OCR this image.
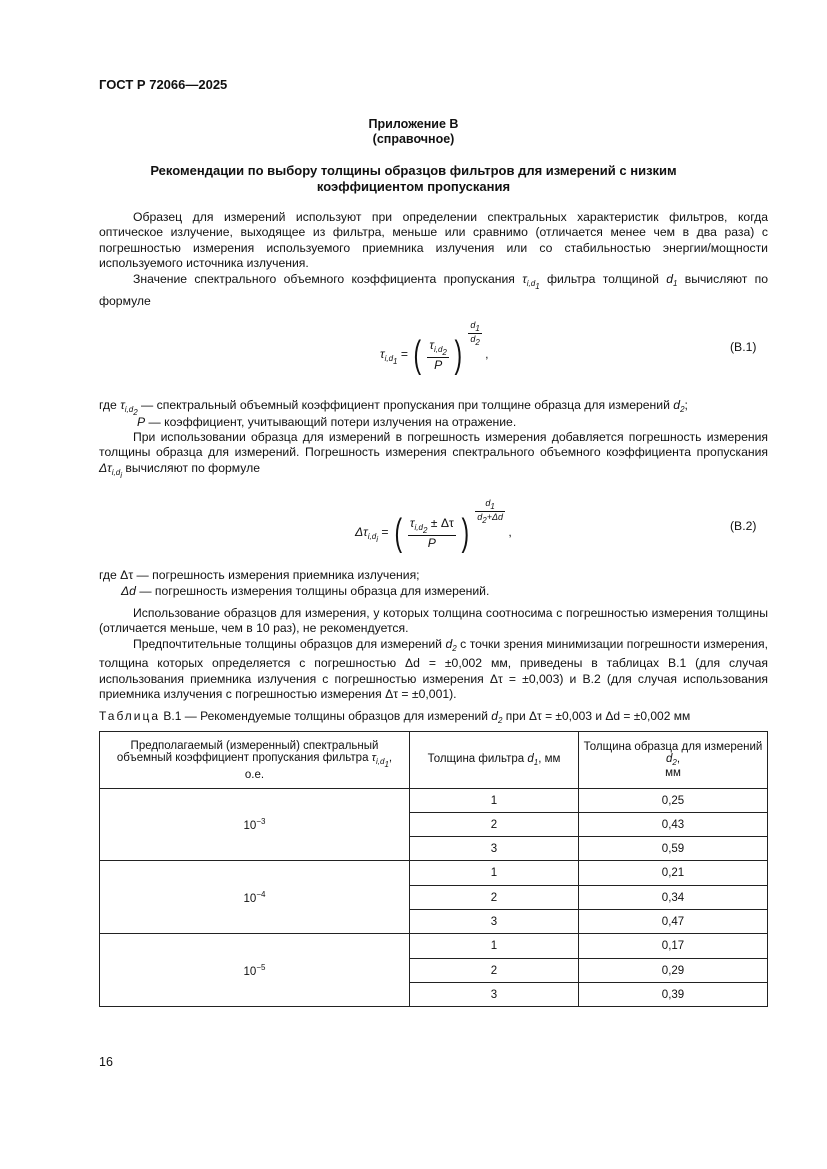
ГОСТ Р 72066—2025
Приложение В
(справочное)
Рекомендации по выбору толщины образцов фильтров для измерений с низким
коэффициентом пропускания

Образец для измерений используют при определении спектральных характеристик фильтров, когда оптическое излучение, выходящее из фильтра, меньше или сравнимо (отличается менее чем в два раза) с погрешностью измерения используемого приемника излучения или со стабильностью энергии/мощности используемого источника излучения.

Значение спектрального объемного коэффициента пропускания $\tau_{i,d_1}$ фильтра толщиной $d_1$ вычисляют по формуле

$\tau_{i,d_1}$ = ( $\frac{\tau_{i,d_2}}{P}$ )
$^{\frac{d_1}{d_2}}$
,	(В.1)

где $\tau_{i,d_2}$ — спектральный объемный коэффициент пропускания при толщине образца для измерений $d_2$;

P — коэффициент, учитывающий потери излучения на отражение.

При использовании образца для измерений в погрешность измерения добавляется погрешность измерения толщины образца для измерений. Погрешность измерения спектрального объемного коэффициента пропускания $\Delta\tau_{i,d_i}$ вычисляют по формуле

$\Delta\tau_{i,d_i}$ = ( $\frac{\tau_{i,d_2} \pm \Delta\tau}{P}$ )
$^{\frac{d_1}{d_2+\Delta d}}$
,	(В.2)

где Δτ — погрешность измерения приемника излучения;

Δd — погрешность измерения толщины образца для измерений.

Использование образцов для измерения, у которых толщина соотносима с погрешностью измерения толщины (отличается меньше, чем в 10 раз), не рекомендуется.

Предпочтительные толщины образцов для измерений $d_2$ с точки зрения минимизации погрешности измерения, толщина которых определяется с погрешностью Δd = ±0,002 мм, приведены в таблицах В.1 (для случая использования приемника излучения с погрешностью измерения Δτ = ±0,003) и В.2 (для случая использования приемника излучения с погрешностью измерения Δτ = ±0,001).

Таблица В.1 — Рекомендуемые толщины образцов для измерений $d_2$ при Δτ = ±0,003 и Δd = ±0,002 мм
Предполагаемый (измеренный) спектральный объемный коэффициент пропускания фильтра $\tau_{i,d_1}$,
о.е.	Толщина фильтра $d_1$, мм	Толщина образца для измерений $d_2$,
мм
$10^{-3}$	1	0,25
	2	0,43
	3	0,59
$10^{-4}$	1	0,21
	2	0,34
	3	0,47
$10^{-5}$	1	0,17
	2	0,29
	3	0,39
16
